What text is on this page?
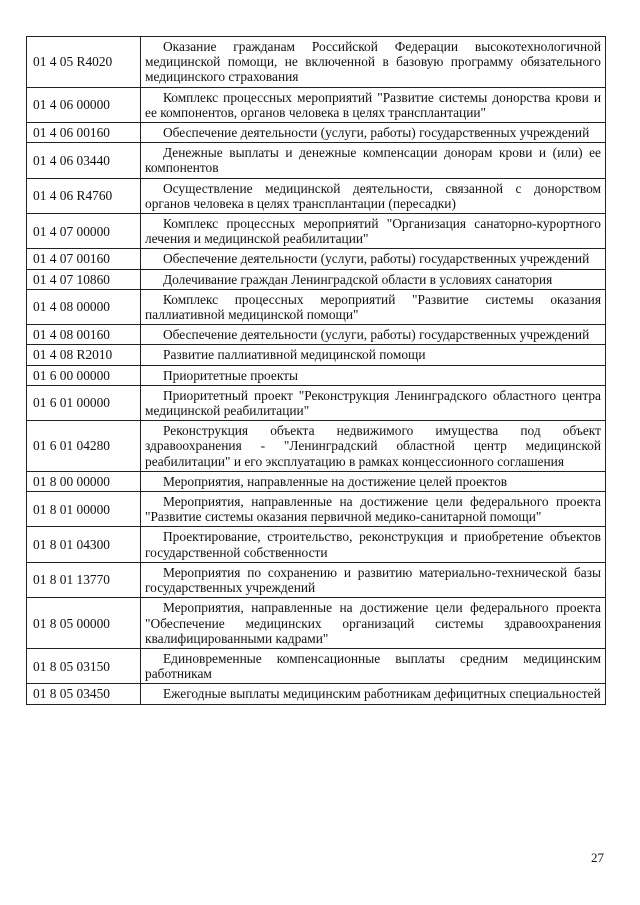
01 4 05 R4020	Оказание гражданам Российской Федерации высокотехнологичной медицинской помощи, не включенной в базовую программу обязательного медицинского страхования
01 4 06 00000	Комплекс процессных мероприятий "Развитие системы донорства крови и ее компонентов, органов человека в целях трансплантации"
01 4 06 00160	Обеспечение деятельности (услуги, работы) государственных учреждений
01 4 06 03440	Денежные выплаты и денежные компенсации донорам крови и (или) ее компонентов
01 4 06 R4760	Осуществление медицинской деятельности, связанной с донорством органов человека в целях трансплантации (пересадки)
01 4 07 00000	Комплекс процессных мероприятий "Организация санаторно-курортного лечения и медицинской реабилитации"
01 4 07 00160	Обеспечение деятельности (услуги, работы) государственных учреждений
01 4 07 10860	Долечивание граждан Ленинградской области в условиях санатория
01 4 08 00000	Комплекс процессных мероприятий "Развитие системы оказания паллиативной медицинской помощи"
01 4 08 00160	Обеспечение деятельности (услуги, работы) государственных учреждений
01 4 08 R2010	Развитие паллиативной медицинской помощи
01 6 00 00000	Приоритетные проекты
01 6 01 00000	Приоритетный проект "Реконструкция Ленинградского областного центра медицинской реабилитации"
01 6 01 04280	Реконструкция объекта недвижимого имущества под объект здравоохранения - "Ленинградский областной центр медицинской реабилитации" и его эксплуатацию в рамках концессионного соглашения
01 8 00 00000	Мероприятия, направленные на достижение целей проектов
01 8 01 00000	Мероприятия, направленные на достижение цели федерального проекта "Развитие системы оказания первичной медико-санитарной помощи"
01 8 01 04300	Проектирование, строительство, реконструкция и приобретение объектов государственной собственности
01 8 01 13770	Мероприятия по сохранению и развитию материально-технической базы государственных учреждений
01 8 05 00000	Мероприятия, направленные на достижение цели федерального проекта "Обеспечение медицинских организаций системы здравоохранения квалифицированными кадрами"
01 8 05 03150	Единовременные компенсационные выплаты средним медицинским работникам
01 8 05 03450	Ежегодные выплаты медицинским работникам дефицитных специальностей
27
